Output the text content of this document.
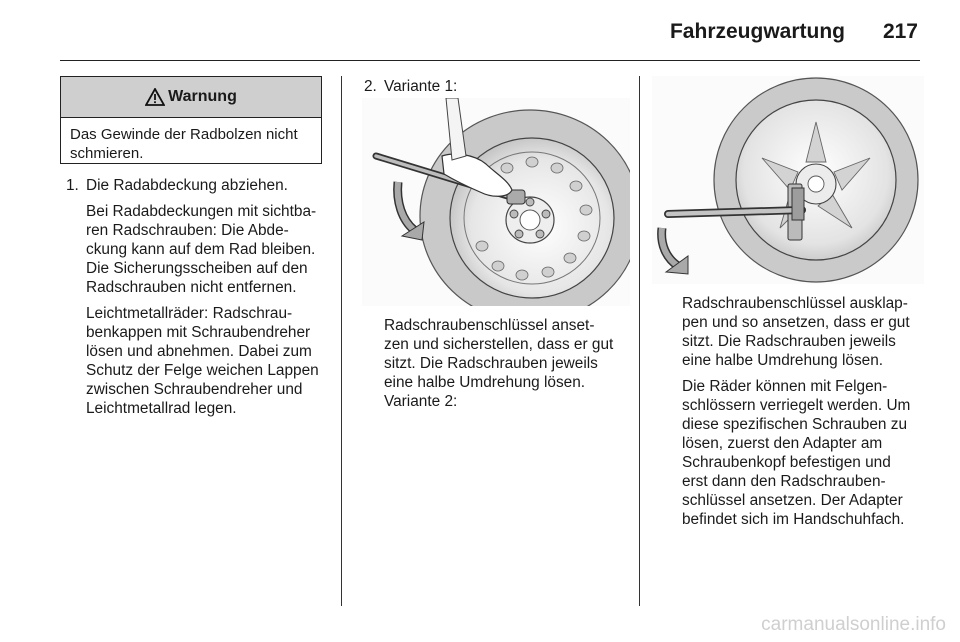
Fahrzeugwartung 217
Warnung
Das Gewinde der Radbolzen nicht
schmieren.
1. Die Radabdeckung abziehen.

Bei Radabdeckungen mit sichtba-

ren Radschrauben: Die Abde-

ckung kann auf dem Rad bleiben.

Die Sicherungsscheiben auf den

Radschrauben nicht entfernen.

Leichtmetallräder: Radschrau-

benkappen mit Schraubendreher

lösen und abnehmen. Dabei zum

Schutz der Felge weichen Lappen

zwischen Schraubendreher und

Leichtmetallrad legen.

2. Variante 1:

Radschraubenschlüssel anset-

zen und sicherstellen, dass er gut

sitzt. Die Radschrauben jeweils

eine halbe Umdrehung lösen.

Variante 2:

Radschraubenschlüssel ausklap-

pen und so ansetzen, dass er gut

sitzt. Die Radschrauben jeweils

eine halbe Umdrehung lösen.

Die Räder können mit Felgen-

schlössern verriegelt werden. Um

diese spezifischen Schrauben zu

lösen, zuerst den Adapter am

Schraubenkopf befestigen und

erst dann den Radschrauben-

schlüssel ansetzen. Der Adapter

befindet sich im Handschuhfach.

carmanualsonline.info
